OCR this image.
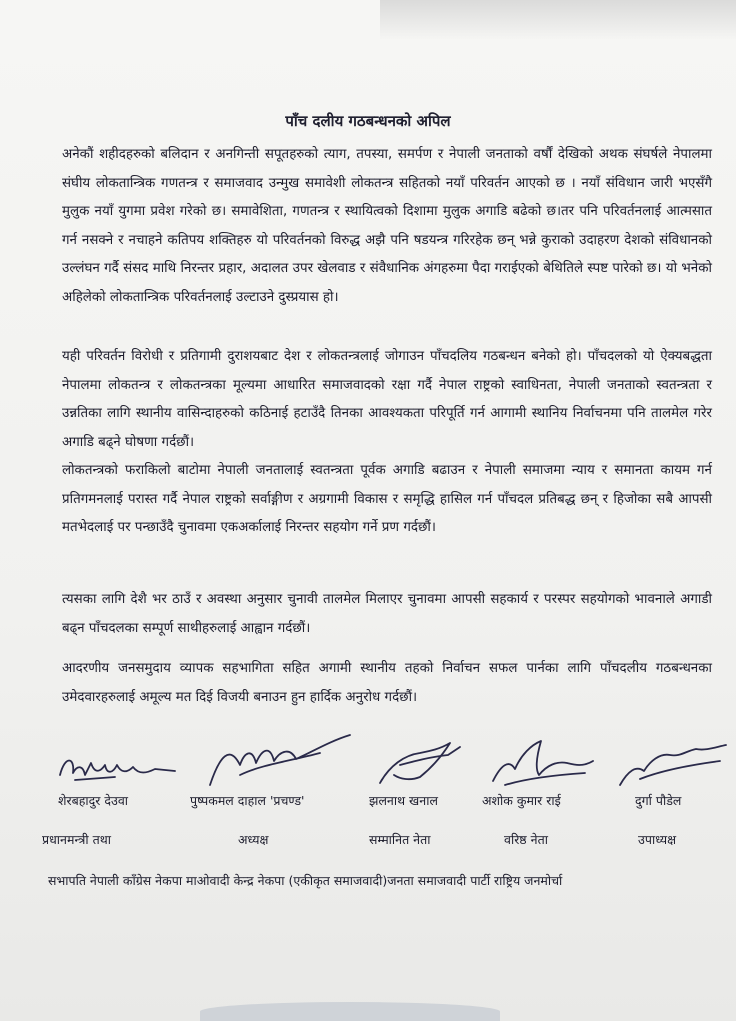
पाँच दलीय गठबन्धनको अपिल
अनेकौं शहीदहरुको बलिदान र अनगिन्ती सपूतहरुको त्याग, तपस्या, समर्पण र नेपाली जनताको वर्षौं देखिको अथक संघर्षले नेपालमा संघीय लोकतान्त्रिक गणतन्त्र र समाजवाद उन्मुख समावेशी लोकतन्त्र सहितको नयाँ परिवर्तन आएको छ । नयाँ संविधान जारी भएसँगै मुलुक नयाँ युगमा प्रवेश गरेको छ। समावेशिता, गणतन्त्र र स्थायित्वको दिशामा मुलुक अगाडि बढेको छ।तर पनि परिवर्तनलाई आत्मसात गर्न नसक्ने र नचाहने कतिपय शक्तिहरु यो परिवर्तनको विरुद्ध अझै पनि षडयन्त्र गरिरहेक छन् भन्ने कुराको उदाहरण देशको संविधानको उल्लंघन गर्दै संसद माथि निरन्तर प्रहार, अदालत उपर खेलवाड र संवैधानिक अंगहरुमा पैदा गराईएको बेथितिले स्पष्ट पारेको छ। यो भनेको अहिलेको लोकतान्त्रिक परिवर्तनलाई उल्टाउने दुस्प्रयास हो।
यही परिवर्तन विरोधी र प्रतिगामी दुराशयबाट देश र लोकतन्त्रलाई जोगाउन पाँचदलिय गठबन्धन बनेको हो। पाँचदलको यो ऐक्यबद्धता नेपालमा लोकतन्त्र र लोकतन्त्रका मूल्यमा आधारित समाजवादको रक्षा गर्दै नेपाल राष्ट्रको स्वाधिनता, नेपाली जनताको स्वतन्त्रता र उन्नतिका लागि स्थानीय वासिन्दाहरुको कठिनाई हटाउँदै तिनका आवश्यकता परिपूर्ति गर्न आगामी स्थानिय निर्वाचनमा पनि तालमेल गरेर अगाडि बढ्ने घोषणा गर्दछौं।
लोकतन्त्रको फराकिलो बाटोमा नेपाली जनतालाई स्वतन्त्रता पूर्वक अगाडि बढाउन र नेपाली समाजमा न्याय र समानता कायम गर्न प्रतिगमनलाई परास्त गर्दै नेपाल राष्ट्रको सर्वाङ्गीण र अग्रगामी विकास र समृद्धि हासिल गर्न पाँचदल प्रतिबद्ध छन् र हिजोका सबै आपसी मतभेदलाई पर पन्छाउँदै चुनावमा एकअर्कालाई निरन्तर सहयोग गर्ने प्रण गर्दछौं।
त्यसका लागि देशै भर ठाउँ र अवस्था अनुसार चुनावी तालमेल मिलाएर चुनावमा आपसी सहकार्य र परस्पर सहयोगको भावनाले अगाडी बढ्न पाँचदलका सम्पूर्ण साथीहरुलाई आह्वान गर्दछौं।
आदरणीय जनसमुदाय व्यापक सहभागिता सहित अगामी स्थानीय तहको निर्वाचन सफल पार्नका लागि पाँचदलीय गठबन्धनका उमेदवारहरुलाई अमूल्य मत दिई विजयी बनाउन हुन हार्दिक अनुरोध गर्दछौं।
शेरबहादुर देउवा	पुष्पकमल दाहाल 'प्रचण्ड'	झलनाथ खनाल	अशोक कुमार राई	दुर्गा पौडेल
प्रधानमन्त्री तथा	अध्यक्ष	सम्मानित नेता	वरिष्ठ नेता	उपाध्यक्ष
सभापति नेपाली काँग्रेस नेकपा माओवादी केन्द्र नेकपा (एकीकृत समाजवादी)जनता समाजवादी पार्टी राष्ट्रिय जनमोर्चा
